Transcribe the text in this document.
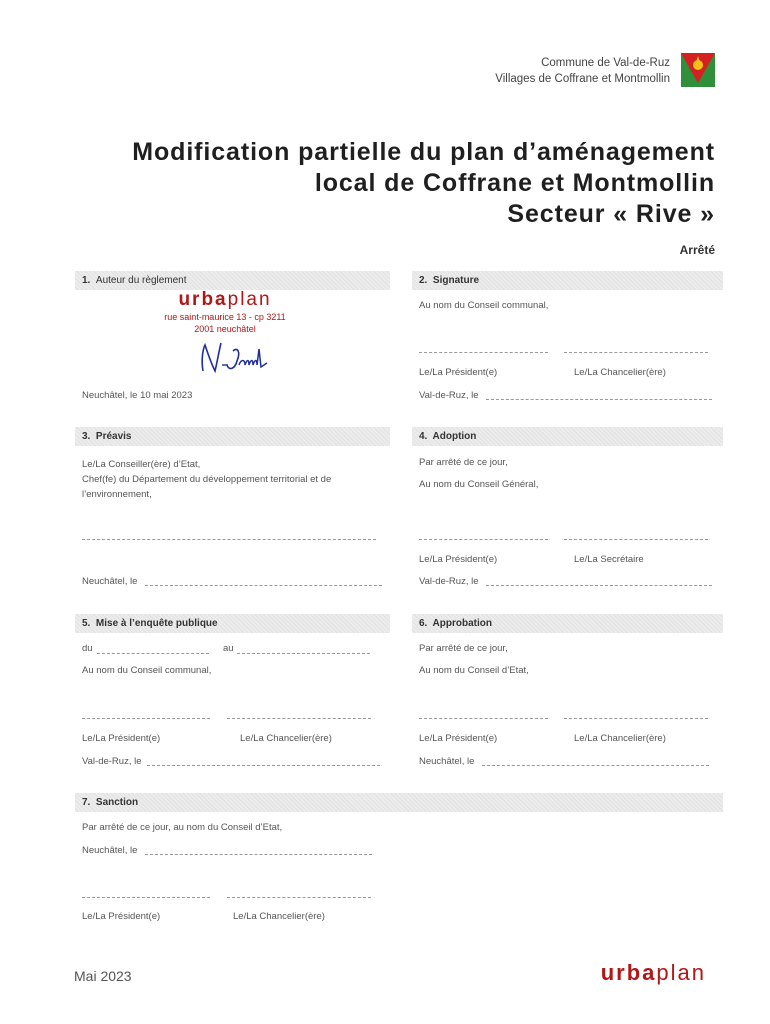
Commune de Val-de-Ruz
Villages de Coffrane et Montmollin
Modification partielle du plan d’aménagement
local de Coffrane et Montmollin
Secteur « Rive »
Arrêté
1. Auteur du règlement
urbaplan
rue saint-maurice 13 - cp 3211
2001 neuchâtel
Neuchâtel, le 10 mai 2023
2. Signature
Au nom du Conseil communal,
Le/La Président(e)	Le/La Chancelier(ère)
Val-de-Ruz, le
3. Préavis
Le/La Conseiller(ère) d’Etat,
Chef(fe) du Département du développement territorial et de
l’environnement,
Neuchâtel, le
4. Adoption
Par arrêté de ce jour,
Au nom du Conseil Général,
Le/La Président(e)	Le/La Secrétaire
Val-de-Ruz, le
5. Mise à l’enquête publique
du	au
Au nom du Conseil communal,
Le/La Président(e)	Le/La Chancelier(ère)
Val-de-Ruz, le
6. Approbation
Par arrêté de ce jour,
Au nom du Conseil d’Etat,
Le/La Président(e)	Le/La Chancelier(ère)
Neuchâtel, le
7. Sanction
Par arrêté de ce jour, au nom du Conseil d’Etat,
Neuchâtel, le
Le/La Président(e)	Le/La Chancelier(ère)
Mai 2023	urbaplan
